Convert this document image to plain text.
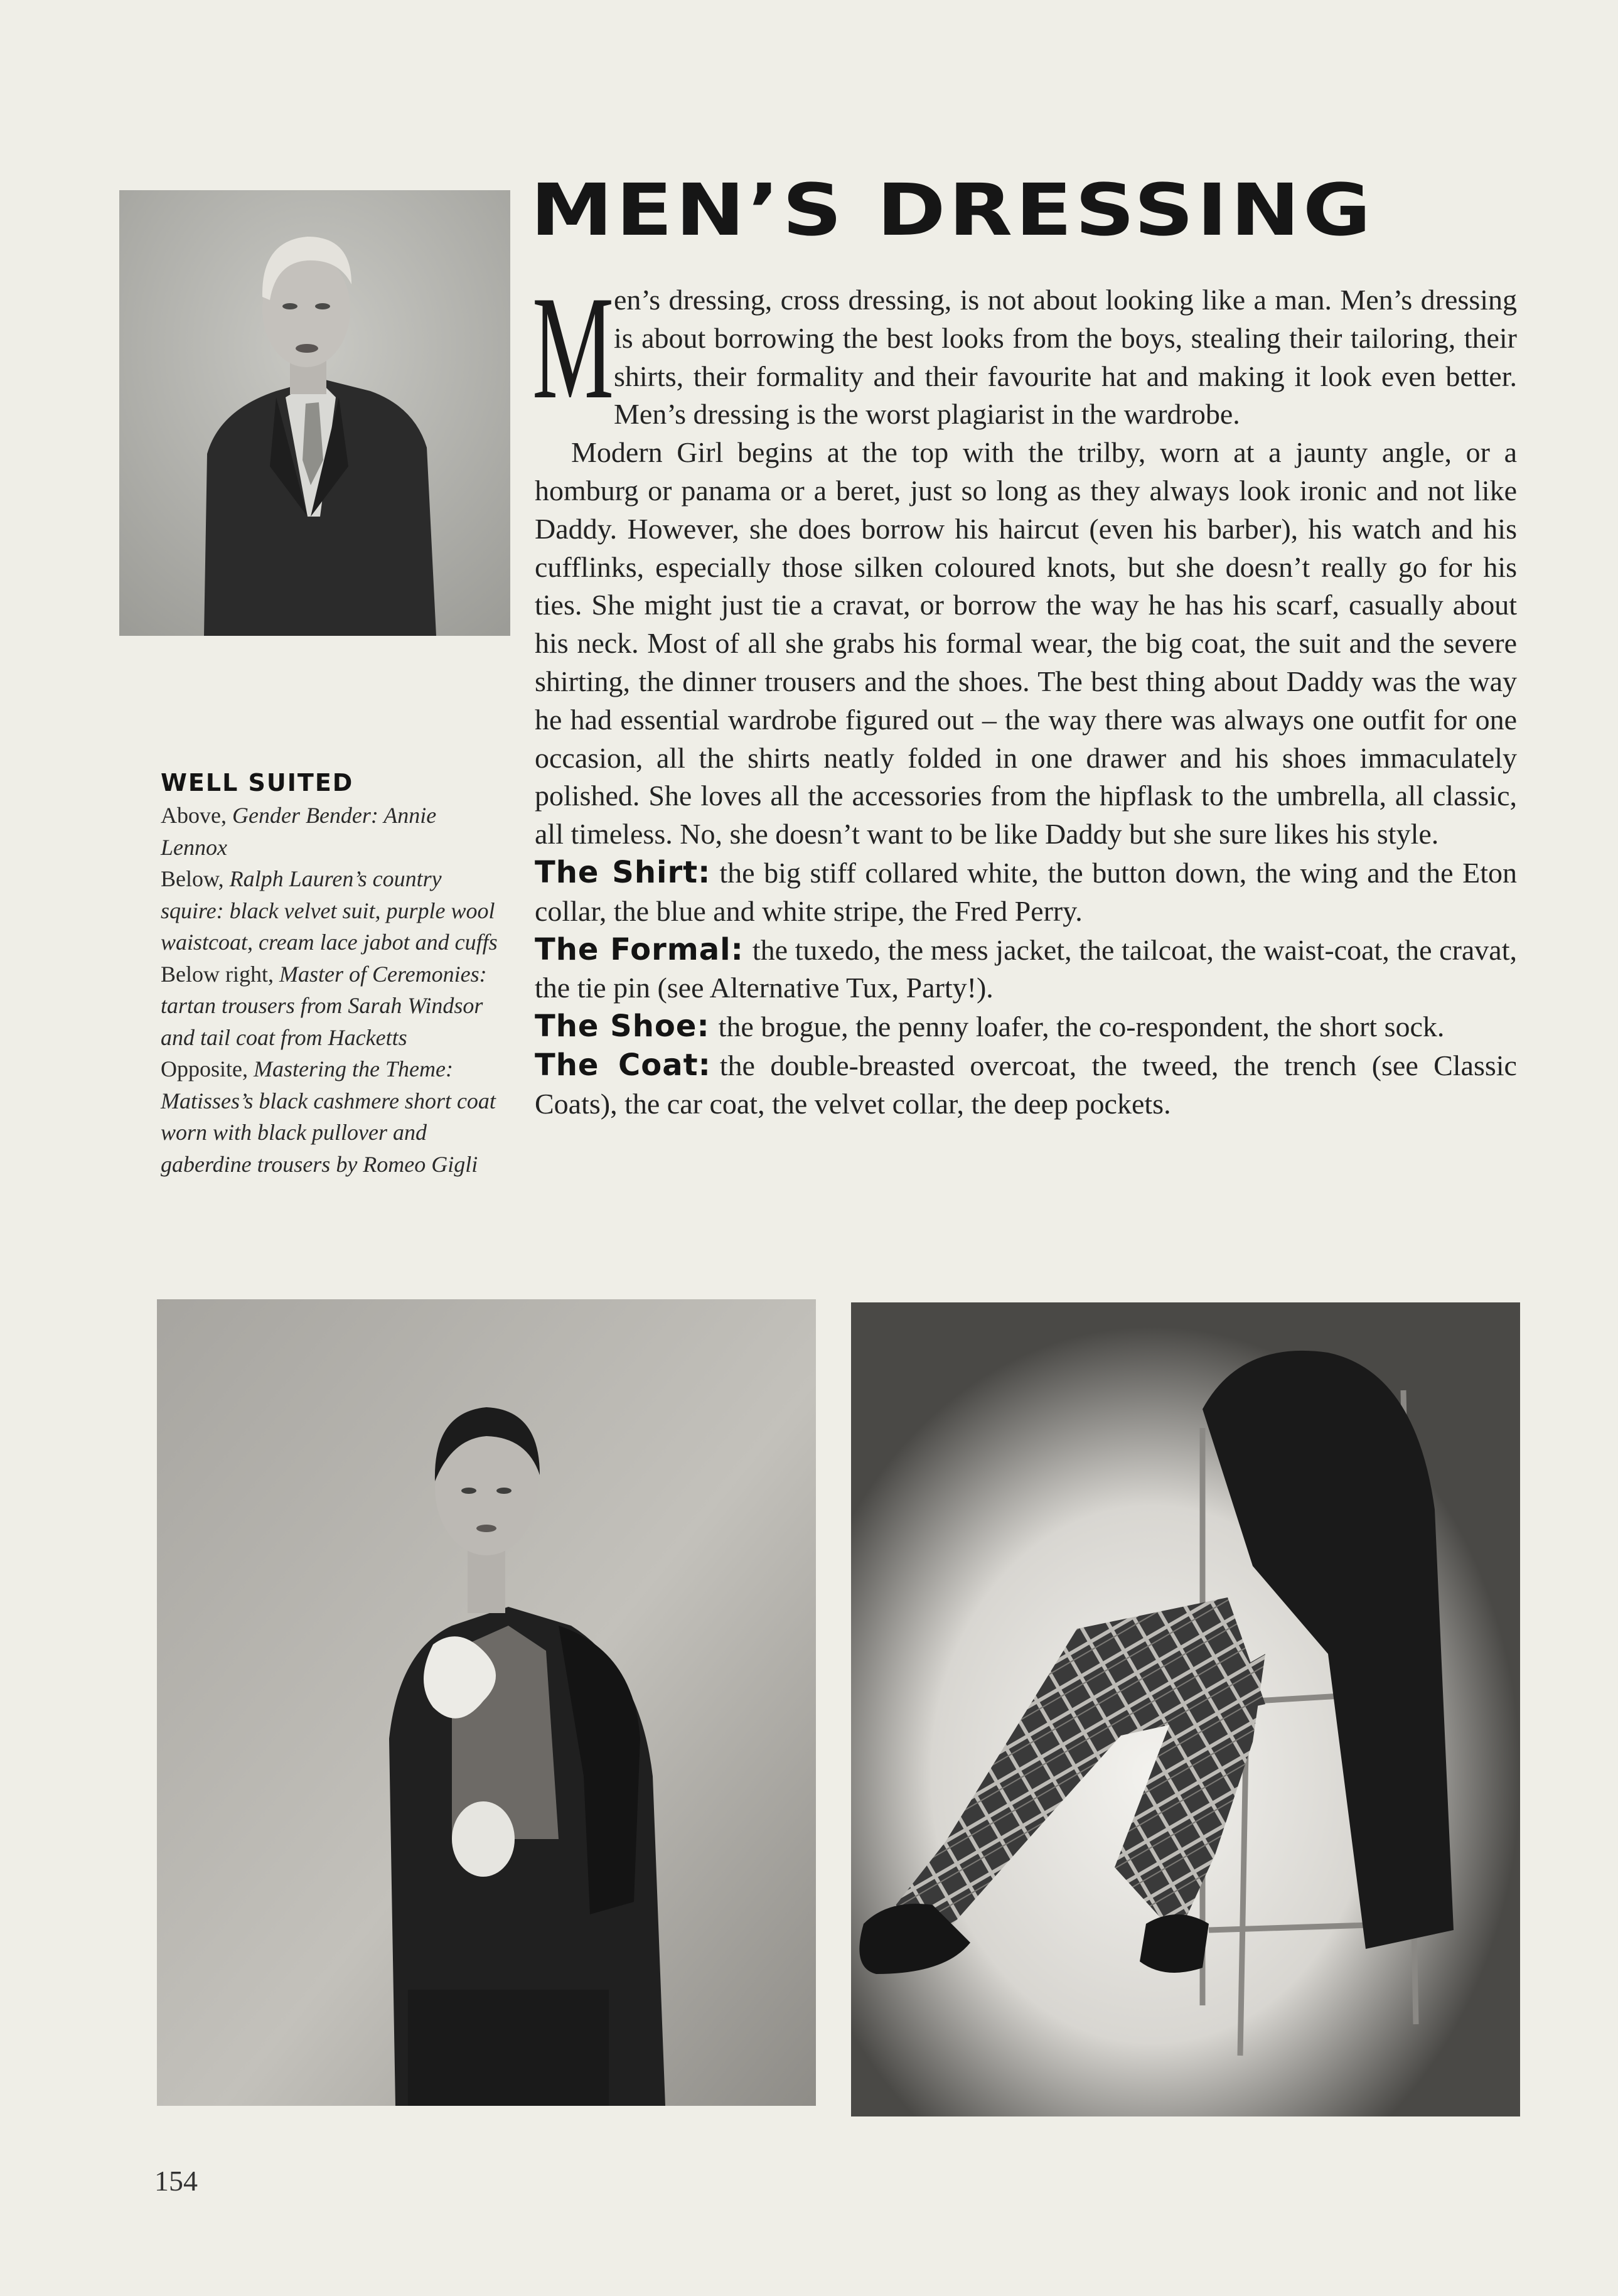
MEN’S DRESSING

Men’s dressing, cross dressing, is not about looking like a man. Men’s dressing is about borrowing the best looks from the boys, stealing their tailoring, their shirts, their formality and their favourite hat and making it look even better. Men’s dressing is the worst plagiarist in the wardrobe.

Modern Girl begins at the top with the trilby, worn at a jaunty angle, or a homburg or panama or a beret, just so long as they always look ironic and not like Daddy. However, she does borrow his haircut (even his barber), his watch and his cufflinks, especially those silken coloured knots, but she doesn’t really go for his ties. She might just tie a cravat, or borrow the way he has his scarf, casually about his neck. Most of all she grabs his formal wear, the big coat, the suit and the severe shirting, the dinner trousers and the shoes. The best thing about Daddy was the way he had essential wardrobe figured out – the way there was always one outfit for one occasion, all the shirts neatly folded in one drawer and his shoes immaculately polished. She loves all the accessories from the hipflask to the umbrella, all classic, all timeless. No, she doesn’t want to be like Daddy but she sure likes his style.

The Shirt: the big stiff collared white, the button down, the wing and the Eton collar, the blue and white stripe, the Fred Perry.

The Formal: the tuxedo, the mess jacket, the tailcoat, the waist-coat, the cravat, the tie pin (see Alternative Tux, Party!).

The Shoe: the brogue, the penny loafer, the co-respondent, the short sock.

The Coat: the double-breasted overcoat, the tweed, the trench (see Classic Coats), the car coat, the velvet collar, the deep pockets.

WELL SUITED

Above, Gender Bender: Annie Lennox

Below, Ralph Lauren’s country squire: black velvet suit, purple wool waistcoat, cream lace jabot and cuffs

Below right, Master of Ceremonies: tartan trousers from Sarah Windsor and tail coat from Hacketts

Opposite, Mastering the Theme: Matisses’s black cashmere short coat worn with black pullover and gaberdine trousers by Romeo Gigli

154
